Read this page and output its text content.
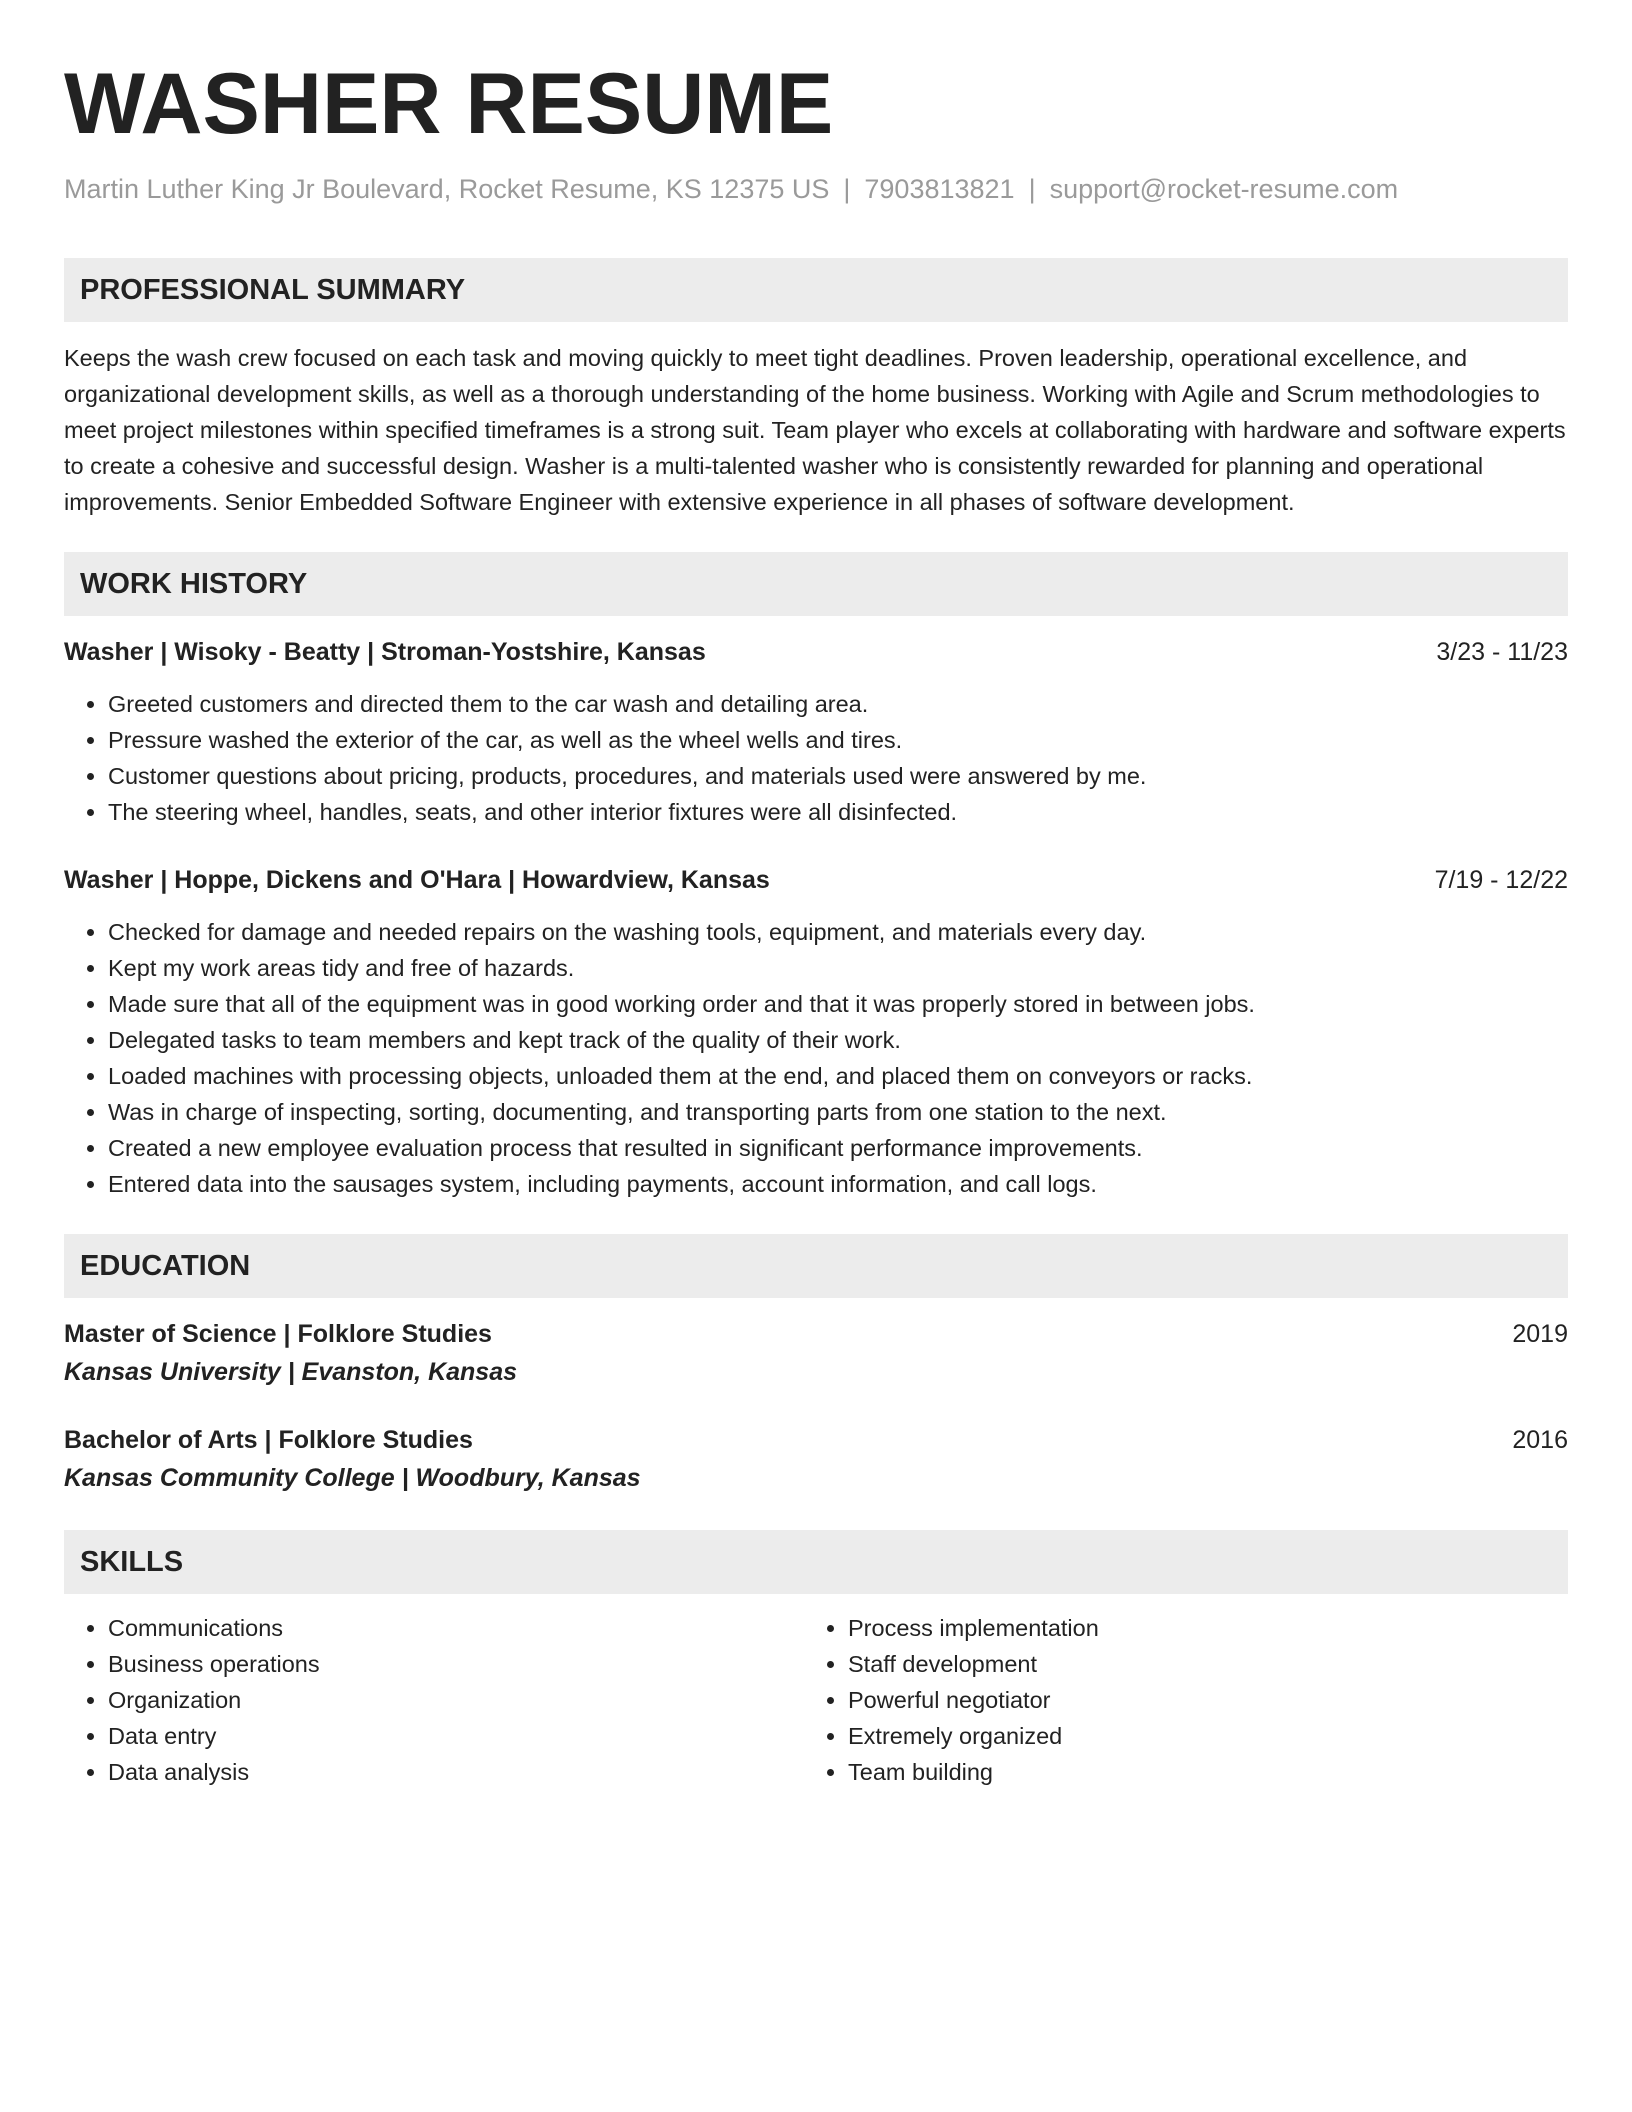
WASHER RESUME
Martin Luther King Jr Boulevard, Rocket Resume, KS 12375 US | 7903813821 | support@rocket-resume.com
PROFESSIONAL SUMMARY

Keeps the wash crew focused on each task and moving quickly to meet tight deadlines. Proven leadership, operational excellence, and organizational development skills, as well as a thorough understanding of the home business. Working with Agile and Scrum methodologies to meet project milestones within specified timeframes is a strong suit. Team player who excels at collaborating with hardware and software experts to create a cohesive and successful design. Washer is a multi-talented washer who is consistently rewarded for planning and operational improvements. Senior Embedded Software Engineer with extensive experience in all phases of software development.

WORK HISTORY
Washer | Wisoky - Beatty | Stroman-Yostshire, Kansas	3/23 - 11/23
• Greeted customers and directed them to the car wash and detailing area.
• Pressure washed the exterior of the car, as well as the wheel wells and tires.
• Customer questions about pricing, products, procedures, and materials used were answered by me.
• The steering wheel, handles, seats, and other interior fixtures were all disinfected.
Washer | Hoppe, Dickens and O'Hara | Howardview, Kansas	7/19 - 12/22
• Checked for damage and needed repairs on the washing tools, equipment, and materials every day.
• Kept my work areas tidy and free of hazards.
• Made sure that all of the equipment was in good working order and that it was properly stored in between jobs.
• Delegated tasks to team members and kept track of the quality of their work.
• Loaded machines with processing objects, unloaded them at the end, and placed them on conveyors or racks.
• Was in charge of inspecting, sorting, documenting, and transporting parts from one station to the next.
• Created a new employee evaluation process that resulted in significant performance improvements.
• Entered data into the sausages system, including payments, account information, and call logs.
EDUCATION
Master of Science | Folklore Studies	2019
Kansas University | Evanston, Kansas
Bachelor of Arts | Folklore Studies	2016
Kansas Community College | Woodbury, Kansas
SKILLS
• Communications
• Business operations
• Organization
• Data entry
• Data analysis
• Process implementation
• Staff development
• Powerful negotiator
• Extremely organized
• Team building
